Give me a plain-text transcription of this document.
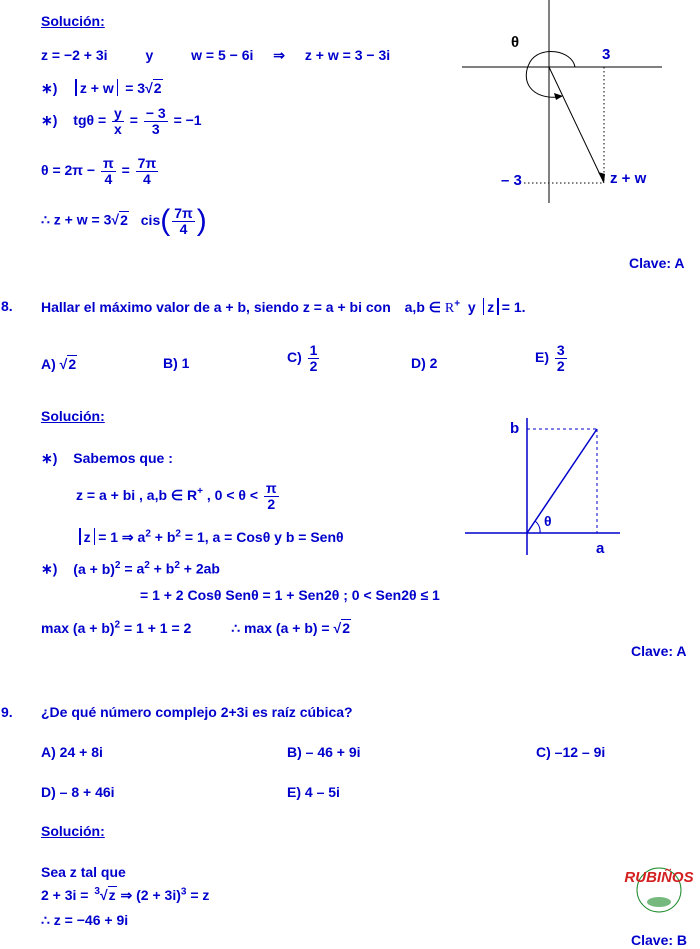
Solución:
z = −2 + 3i	y	w = 5 − 6i ⇒ z + w = 3 − 3i
∗) z + w = 3√2
∗) $tg\theta = \frac{y}{x} = \frac{- 3}{3} = -1$
$\theta = 2\pi - \frac{\pi}{4} = \frac{7\pi}{4}$
∴ z + w = 3√2 $cis( \frac{7\pi}{4}$ )
θ
3
– 3	z + w
θ
b
a
Clave: A
8. Hallar el máximo valor de a + b, siendo z = a + bi con a,b ∈ R+ y z = 1.
A) √2	B) 1	$C) \frac{1}{2}$	D) 2	$E) \frac{3}{2}$
Solución:
∗) Sabemos que :
z = a + bi , a,b ∈ R+ , $0 < \theta < \frac{\pi}{2}$
z = 1 ⇒ $a^2 + b^2 = 1$, a = Cosθ y b = Senθ
∗) $(a + b)^2 = a^2 + b^2 + 2ab$
= 1 + 2 Cosθ Senθ = 1 + Sen2θ ; 0 < Sen2θ ≤ 1
$\max (a + b)^2 = 1 + 1 = 2$	∴ max (a + b) = √2
Clave: A
9. ¿De qué número complejo 2+3i es raíz cúbica?
A) 24 + 8i	B) – 46 + 9i	C) –12 – 9i
D) – 8 + 46i	E) 4 – 5i
Solución:
Sea z tal que
2 + 3i = $^3$√z ⇒ $(2 + 3i)^3 = z$
∴ z = −46 + 9i
RUBIÑOS
Clave: B
